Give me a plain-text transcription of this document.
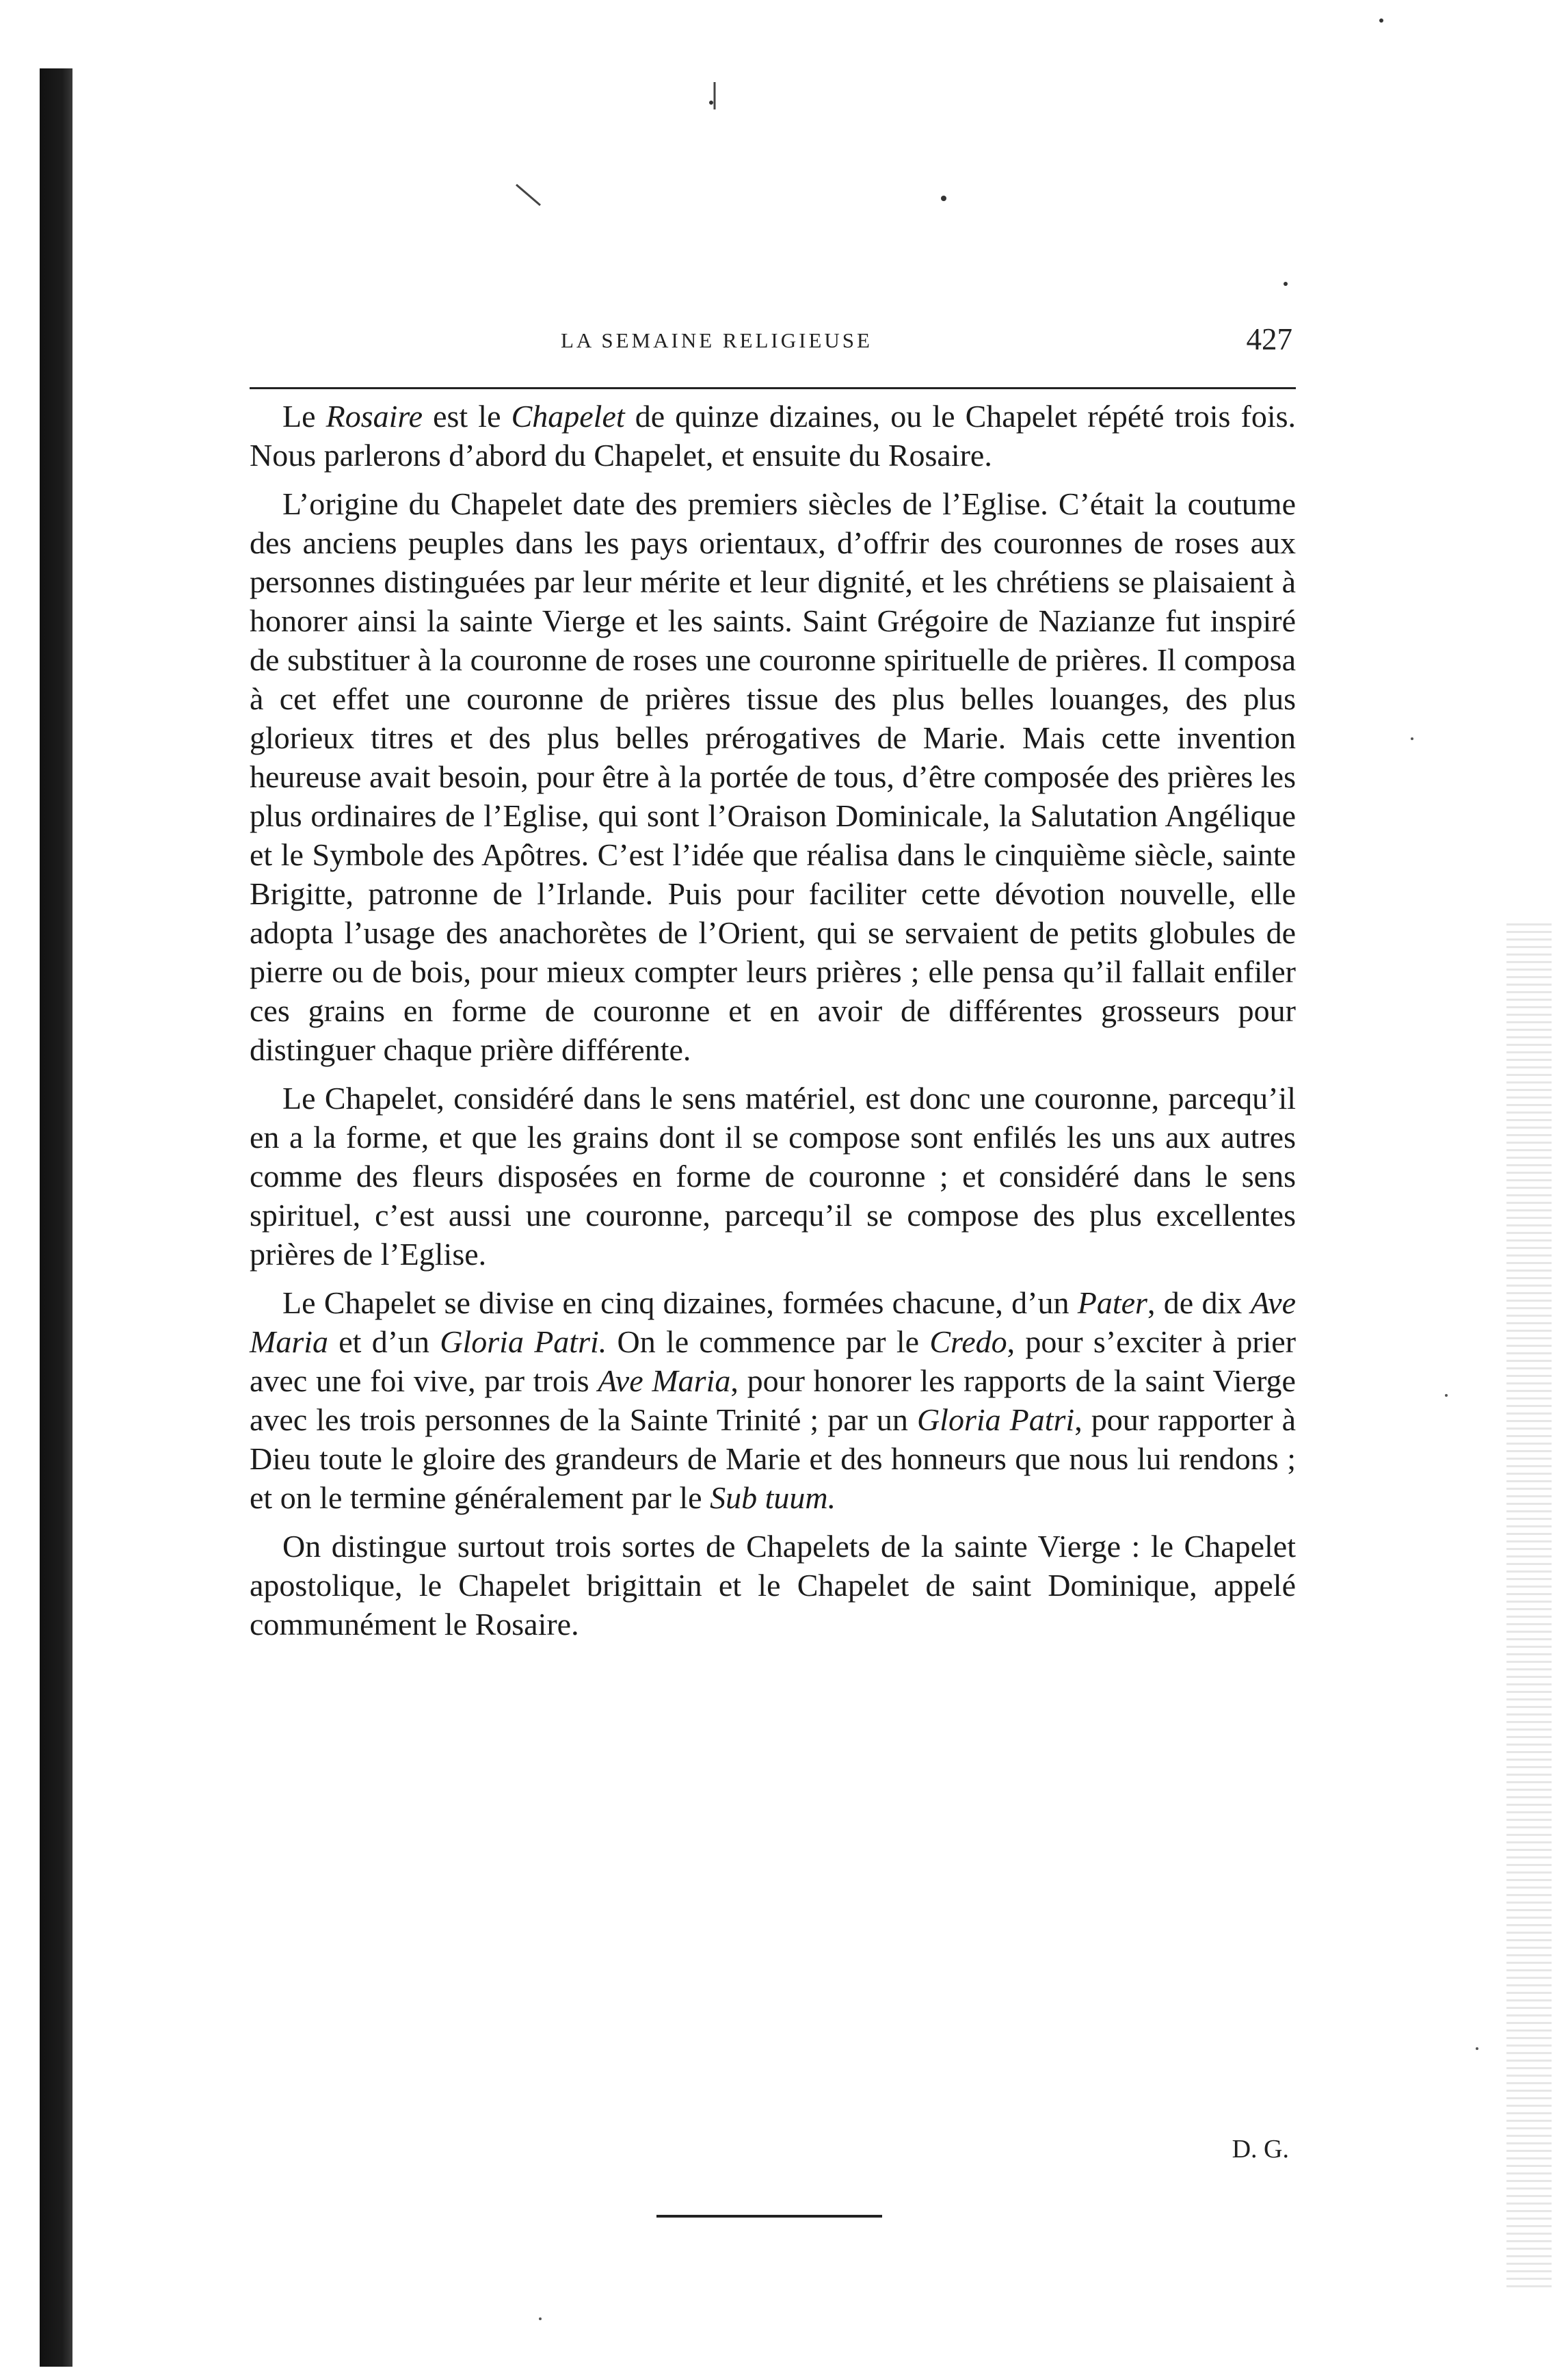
LA SEMAINE RELIGIEUSE	427

Le Rosaire est le Chapelet de quinze dizaines, ou le Chapelet répété trois fois. Nous parlerons d’abord du Chapelet, et ensuite du Rosaire.

L’origine du Chapelet date des premiers siècles de l’Eglise. C’était la coutume des anciens peuples dans les pays orientaux, d’offrir des couronnes de roses aux personnes distinguées par leur mérite et leur dignité, et les chrétiens se plaisaient à honorer ainsi la sainte Vierge et les saints. Saint Grégoire de Nazianze fut inspiré de substituer à la couronne de roses une couronne spirituelle de prières. Il composa à cet effet une couronne de prières tissue des plus belles louanges, des plus glorieux titres et des plus belles prérogatives de Marie. Mais cette invention heureuse avait besoin, pour être à la portée de tous, d’être composée des prières les plus ordinaires de l’Eglise, qui sont l’Oraison Dominicale, la Salutation Angélique et le Symbole des Apôtres. C’est l’idée que réalisa dans le cinquième siècle, sainte Brigitte, patronne de l’Irlande. Puis pour faciliter cette dévotion nouvelle, elle adopta l’usage des anachorètes de l’Orient, qui se servaient de petits globules de pierre ou de bois, pour mieux compter leurs prières ; elle pensa qu’il fallait enfiler ces grains en forme de couronne et en avoir de différentes grosseurs pour distinguer chaque prière différente.

Le Chapelet, considéré dans le sens matériel, est donc une couronne, parcequ’il en a la forme, et que les grains dont il se compose sont enfilés les uns aux autres comme des fleurs disposées en forme de couronne ; et considéré dans le sens spirituel, c’est aussi une couronne, parcequ’il se compose des plus excellentes prières de l’Eglise.

Le Chapelet se divise en cinq dizaines, formées chacune, d’un Pater, de dix Ave Maria et d’un Gloria Patri. On le commence par le Credo, pour s’exciter à prier avec une foi vive, par trois Ave Maria, pour honorer les rapports de la saint Vierge avec les trois personnes de la Sainte Trinité ; par un Gloria Patri, pour rapporter à Dieu toute le gloire des grandeurs de Marie et des honneurs que nous lui rendons ; et on le termine généralement par le Sub tuum.

On distingue surtout trois sortes de Chapelets de la sainte Vierge : le Chapelet apostolique, le Chapelet brigittain et le Chapelet de saint Dominique, appelé communément le Rosaire.

D. G.
